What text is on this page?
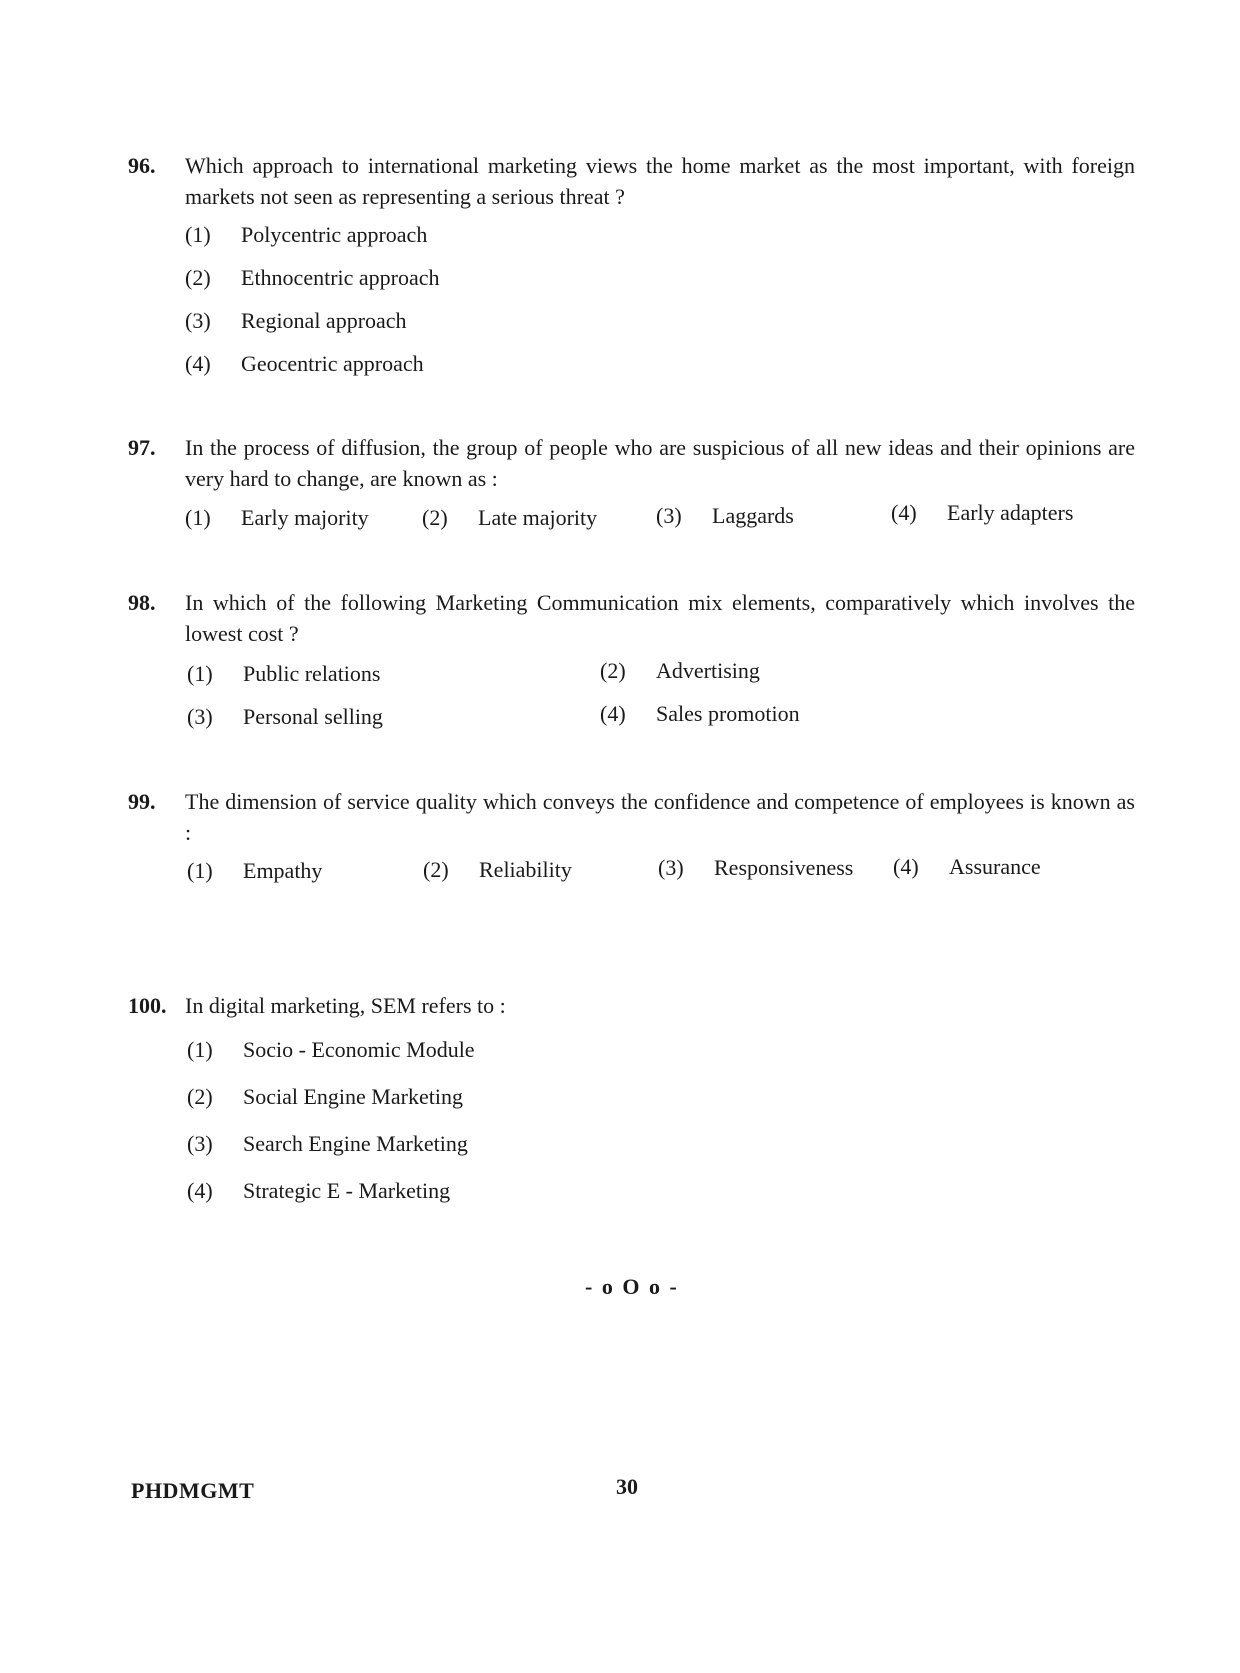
96. Which approach to international marketing views the home market as the most important, with foreign markets not seen as representing a serious threat ?
(1) Polycentric approach
(2) Ethnocentric approach
(3) Regional approach
(4) Geocentric approach
97. In the process of diffusion, the group of people who are suspicious of all new ideas and their opinions are very hard to change, are known as :
(1) Early majority (2) Late majority	(3) Laggards	(4) Early adapters
98. In which of the following Marketing Communication mix elements, comparatively which involves the lowest cost ?
(1) Public relations	(2) Advertising
(3) Personal selling	(4) Sales promotion
99. The dimension of service quality which conveys the confidence and competence of employees is known as :
(1) Empathy	(2) Reliability	(3) Responsiveness (4) Assurance
100. In digital marketing, SEM refers to :
(1) Socio - Economic Module
(2) Social Engine Marketing
(3) Search Engine Marketing
(4) Strategic E - Marketing
- o O o -
PHDMGMT	30
